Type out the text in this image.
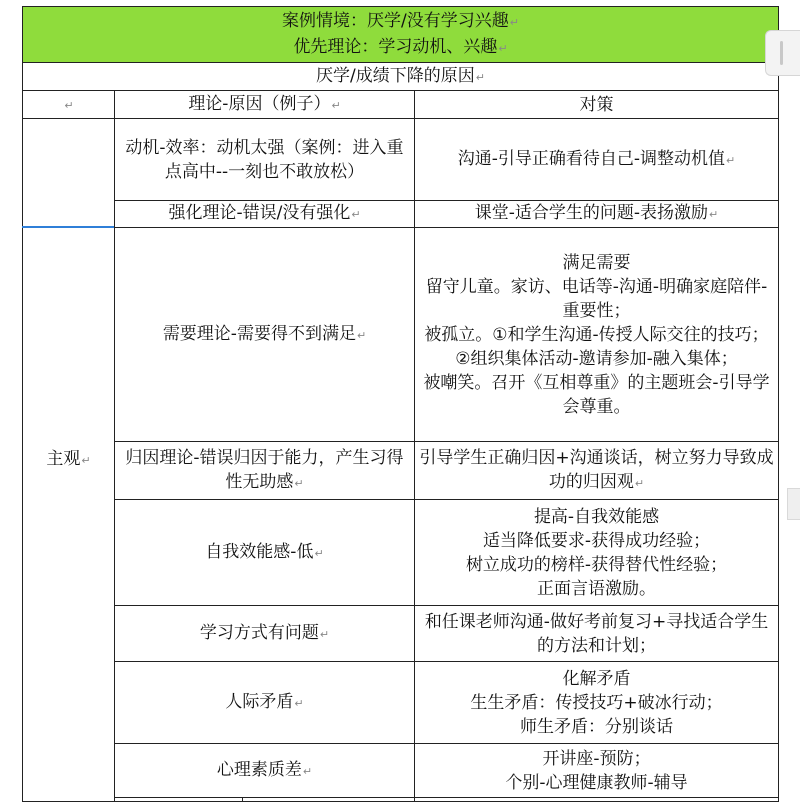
案例情境：厌学/没有学习兴趣↵
优先理论：学习动机、兴趣↵			

厌学/成绩下降的原因↵			
↵	理论-原因（例子）↵		对策
主观↵	动机-效率：动机太强（案例：进入重点高中--一刻也不敢放松）		沟通-引导正确看待自己-调整动机值↵
	强化理论-错误/没有强化↵		课堂-适合学生的问题-表扬激励↵
	需要理论-需要得不到满足↵		满足需要
留守儿童。家访、电话等-沟通-明确家庭陪伴-重要性；
被孤立。①和学生沟通-传授人际交往的技巧；②组织集体活动-邀请参加-融入集体；
被嘲笑。召开《互相尊重》的主题班会-引导学会尊重。

	归因理论-错误归因于能力，产生习得性无助感↵		引导学生正确归因+沟通谈话，树立努力导致成功的归因观↵
	自我效能感-低↵		提高-自我效能感
适当降低要求-获得成功经验；
树立成功的榜样-获得替代性经验；
正面言语激励。

	学习方式有问题↵		和任课老师沟通-做好考前复习+寻找适合学生的方法和计划；
	人际矛盾↵		化解矛盾
生生矛盾：传授技巧+破冰行动；
师生矛盾：分别谈话

	心理素质差↵		开讲座-预防；
个别-心理健康教师-辅导
